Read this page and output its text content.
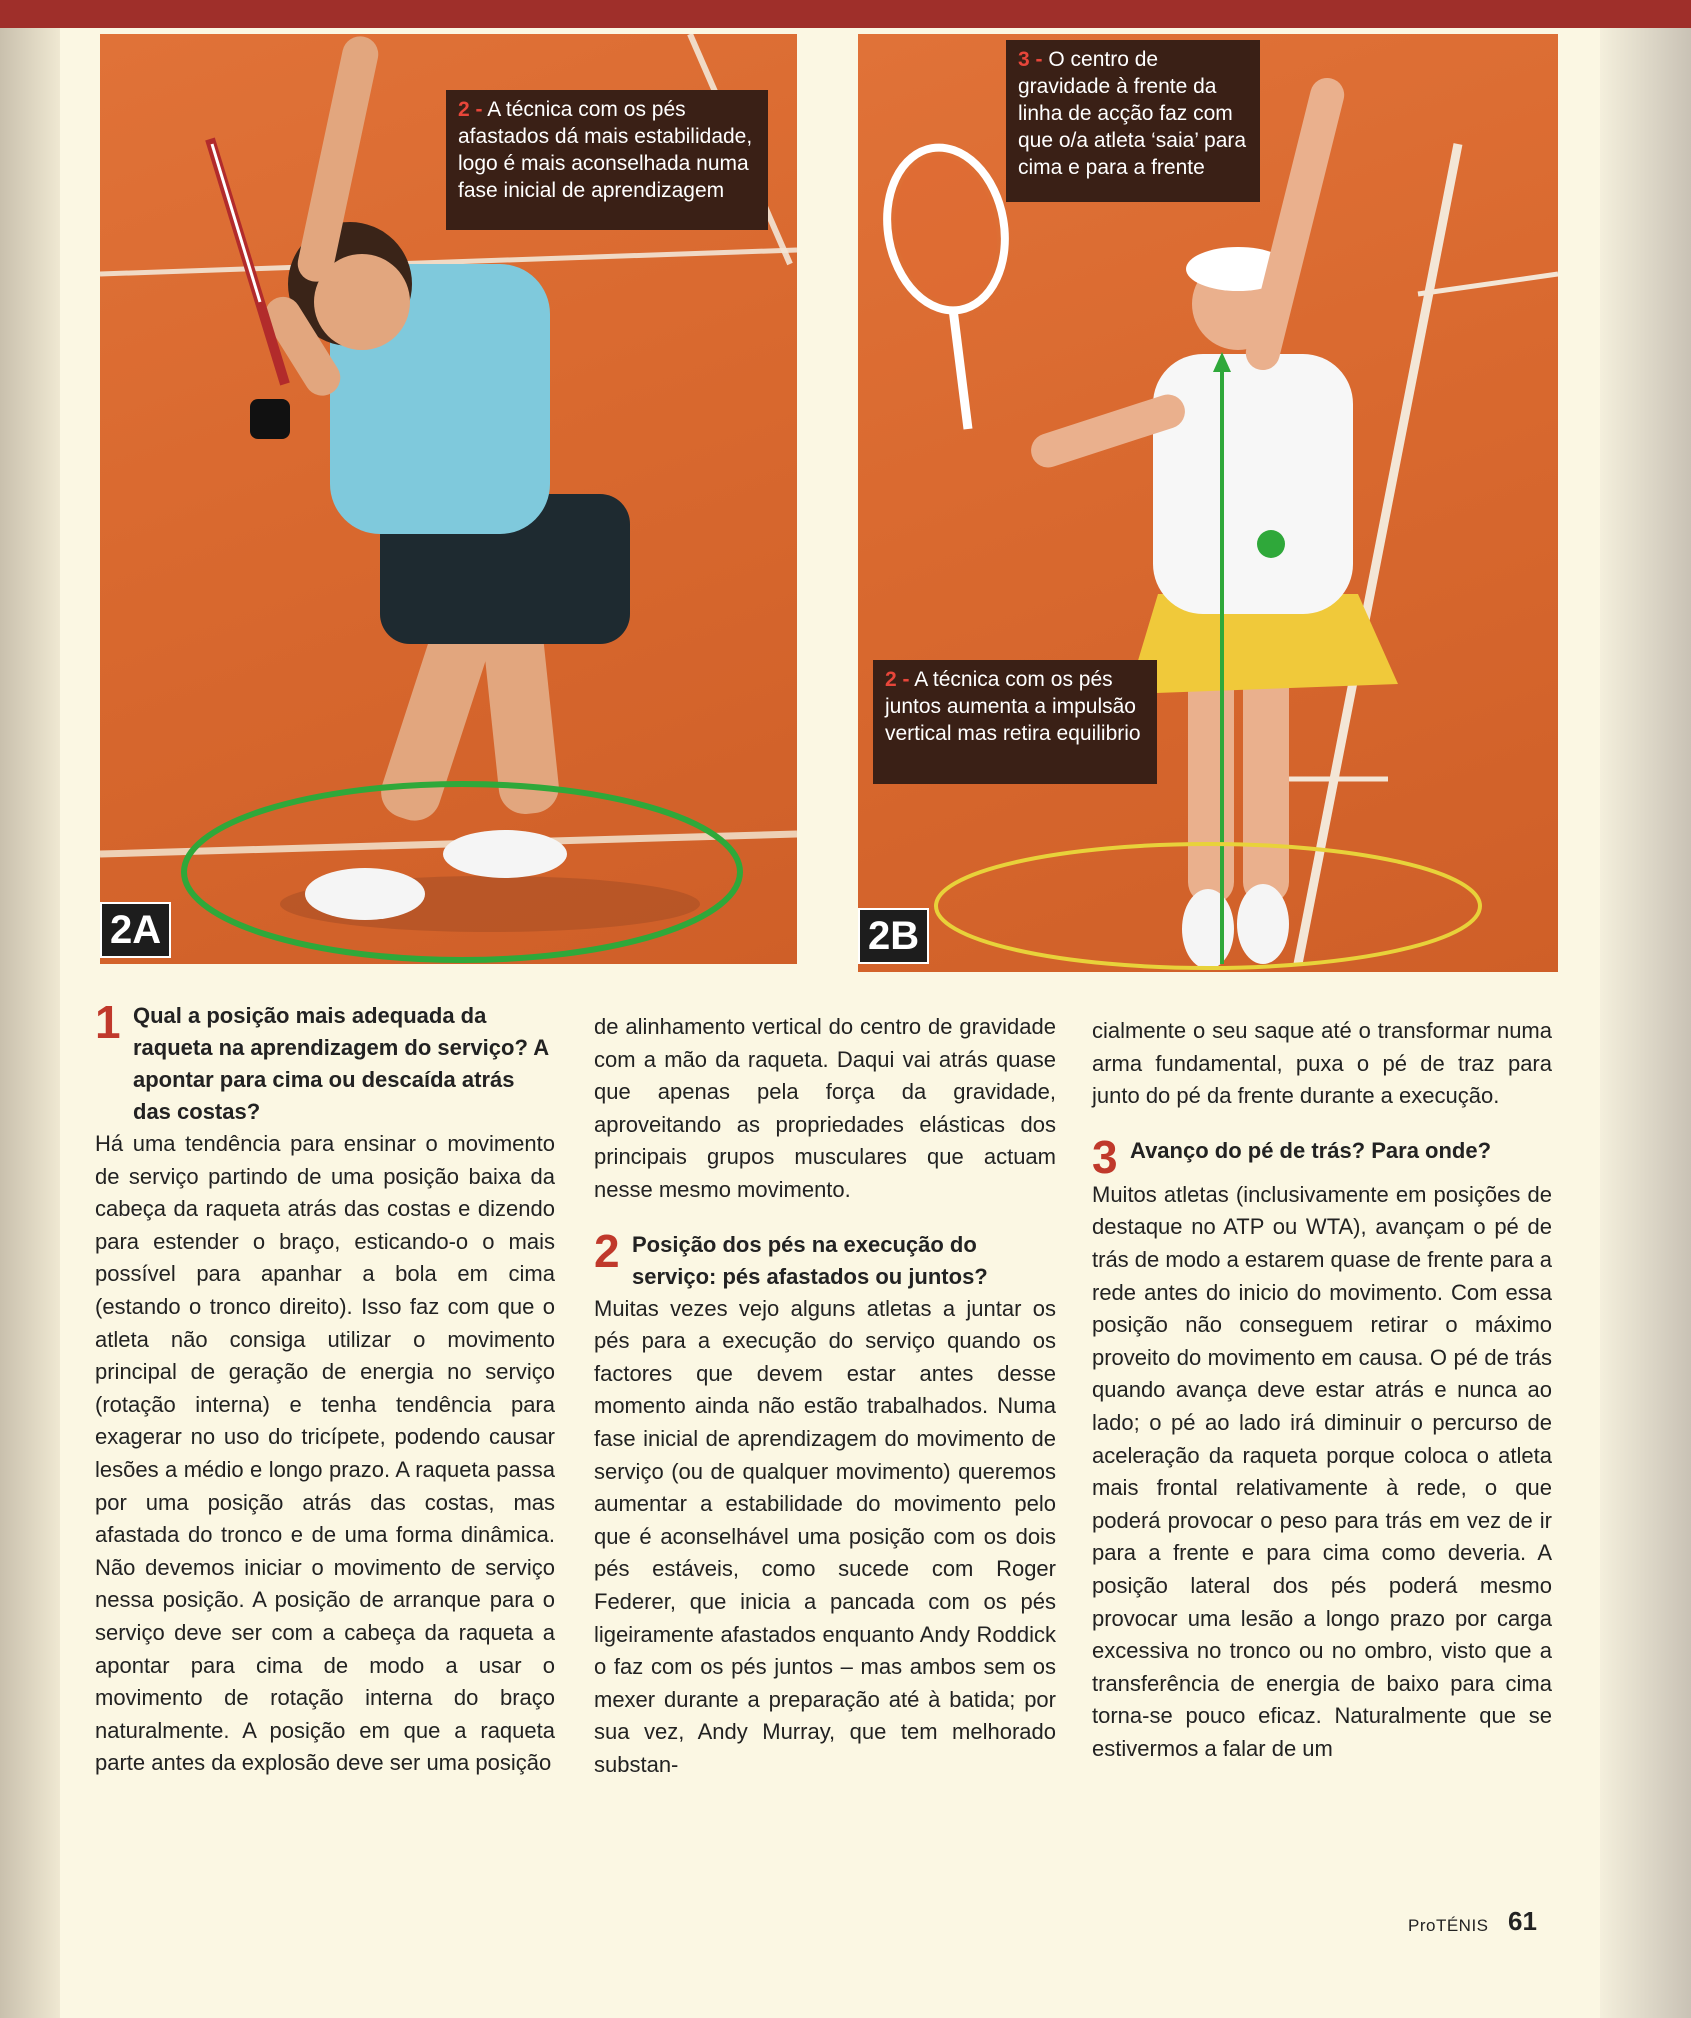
2 - A técnica com os pés afastados dá mais estabilidade, logo é mais aconselhada numa fase inicial de aprendizagem
2A
3 - O centro de gravidade à frente da linha de acção faz com que o/a atleta ‘saia’ para cima e para a frente
2 - A técnica com os pés juntos aumenta a impulsão vertical mas retira equilibrio
2B
1 Qual a posição mais adequada da raqueta na aprendizagem do serviço? A apontar para cima ou descaída atrás das costas?

Há uma tendência para ensinar o movimento de serviço partindo de uma posição baixa da cabeça da raqueta atrás das costas e dizendo para estender o braço, esticando-o o mais possível para apanhar a bola em cima (estando o tronco direito). Isso faz com que o atleta não consiga utilizar o movimento principal de geração de energia no serviço (rotação interna) e tenha tendência para exagerar no uso do tricípete, podendo causar lesões a médio e longo prazo. A raqueta passa por uma posição atrás das costas, mas afastada do tronco e de uma forma dinâmica. Não devemos iniciar o movimento de serviço nessa posição. A posição de arranque para o serviço deve ser com a cabeça da raqueta a apontar para cima de modo a usar o movimento de rotação interna do braço naturalmente. A posição em que a raqueta parte antes da explosão deve ser uma posição

de alinhamento vertical do centro de gravidade com a mão da raqueta. Daqui vai atrás quase que apenas pela força da gravidade, aproveitando as propriedades elásticas dos principais grupos musculares que actuam nesse mesmo movimento.

2 Posição dos pés na execução do serviço: pés afastados ou juntos?

Muitas vezes vejo alguns atletas a juntar os pés para a execução do serviço quando os factores que devem estar antes desse momento ainda não estão trabalhados. Numa fase inicial de aprendizagem do movimento de serviço (ou de qualquer movimento) queremos aumentar a estabilidade do movimento pelo que é aconselhável uma posição com os dois pés estáveis, como sucede com Roger Federer, que inicia a pancada com os pés ligeiramente afastados enquanto Andy Roddick o faz com os pés juntos – mas ambos sem os mexer durante a preparação até à batida; por sua vez, Andy Murray, que tem melhorado substan-

cialmente o seu saque até o transformar numa arma fundamental, puxa o pé de traz para junto do pé da frente durante a execução.

3 Avanço do pé de trás? Para onde?

Muitos atletas (inclusivamente em posições de destaque no ATP ou WTA), avançam o pé de trás de modo a estarem quase de frente para a rede antes do inicio do movimento. Com essa posição não conseguem retirar o máximo proveito do movimento em causa. O pé de trás quando avança deve estar atrás e nunca ao lado; o pé ao lado irá diminuir o percurso de aceleração da raqueta porque coloca o atleta mais frontal relativamente à rede, o que poderá provocar o peso para trás em vez de ir para a frente e para cima como deveria. A posição lateral dos pés poderá mesmo provocar uma lesão a longo prazo por carga excessiva no tronco ou no ombro, visto que a transferência de energia de baixo para cima torna-se pouco eficaz. Naturalmente que se estivermos a falar de um

ProTÉNIS 61
